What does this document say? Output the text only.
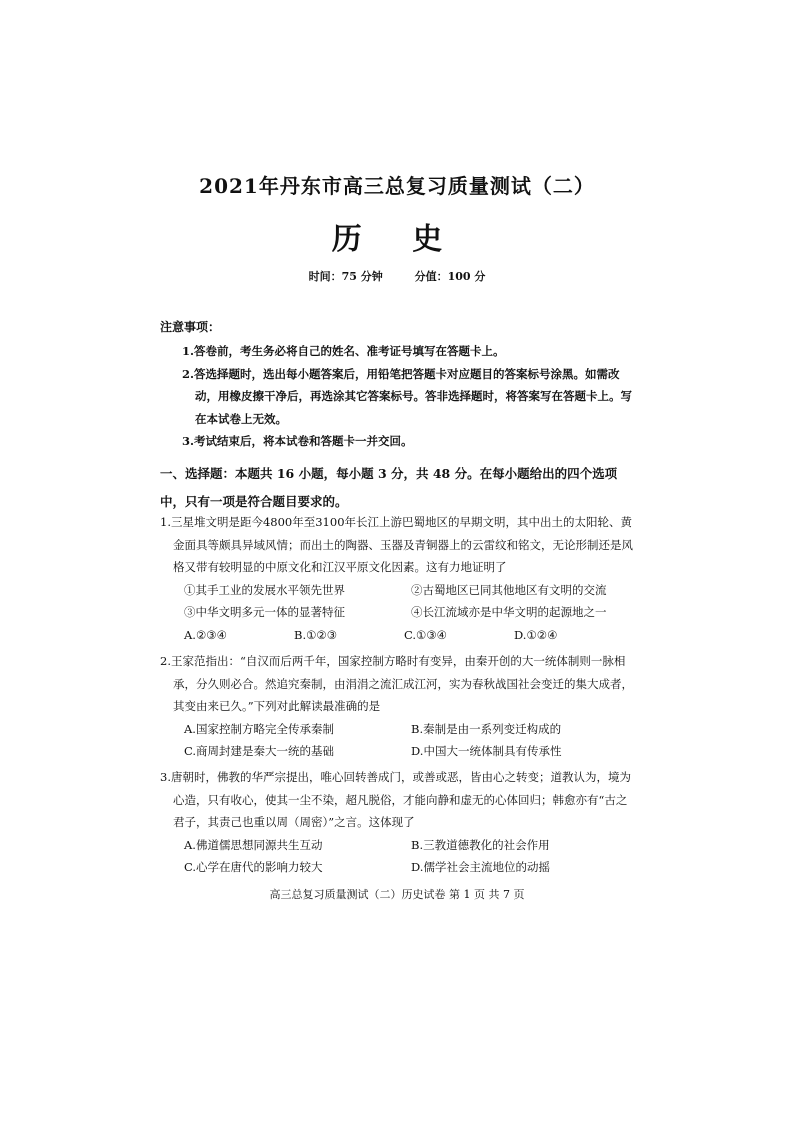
2021年丹东市高三总复习质量测试（二）
历 史
时间：75 分钟	分值：100 分
注意事项：
1.答卷前，考生务必将自己的姓名、准考证号填写在答题卡上。
2.答选择题时，选出每小题答案后，用铅笔把答题卡对应题目的答案标号涂黑。如需改动，用橡皮擦干净后，再选涂其它答案标号。答非选择题时，将答案写在答题卡上。写在本试卷上无效。
3.考试结束后，将本试卷和答题卡一并交回。
一、选择题：本题共 16 小题，每小题 3 分，共 48 分。在每小题给出的四个选项中，只有一项是符合题目要求的。
1.三星堆文明是距今4800年至3100年长江上游巴蜀地区的早期文明，其中出土的太阳轮、黄金面具等颇具异域风情；而出土的陶器、玉器及青铜器上的云雷纹和铭文，无论形制还是风格又带有较明显的中原文化和江汉平原文化因素。这有力地证明了
①其手工业的发展水平领先世界	②古蜀地区已同其他地区有文明的交流
③中华文明多元一体的显著特征	④长江流域亦是中华文明的起源地之一
A.②③④	B.①②③	C.①③④	D.①②④
2.王家范指出：“自汉而后两千年，国家控制方略时有变异，由秦开创的大一统体制则一脉相承，分久则必合。然追究秦制，由涓涓之流汇成江河，实为春秋战国社会变迁的集大成者，其变由来已久。”下列对此解读最准确的是
A.国家控制方略完全传承秦制	B.秦制是由一系列变迁构成的
C.商周封建是秦大一统的基础	D.中国大一统体制具有传承性
3.唐朝时，佛教的华严宗提出，唯心回转善成门，或善或恶，皆由心之转变；道教认为，境为心造，只有收心，使其一尘不染，超凡脱俗，才能向静和虚无的心体回归；韩愈亦有“古之君子，其责己也重以周（周密）”之言。这体现了
A.佛道儒思想同源共生互动	B.三教道德教化的社会作用
C.心学在唐代的影响力较大	D.儒学社会主流地位的动摇
高三总复习质量测试（二）历史试卷 第 1 页 共 7 页
